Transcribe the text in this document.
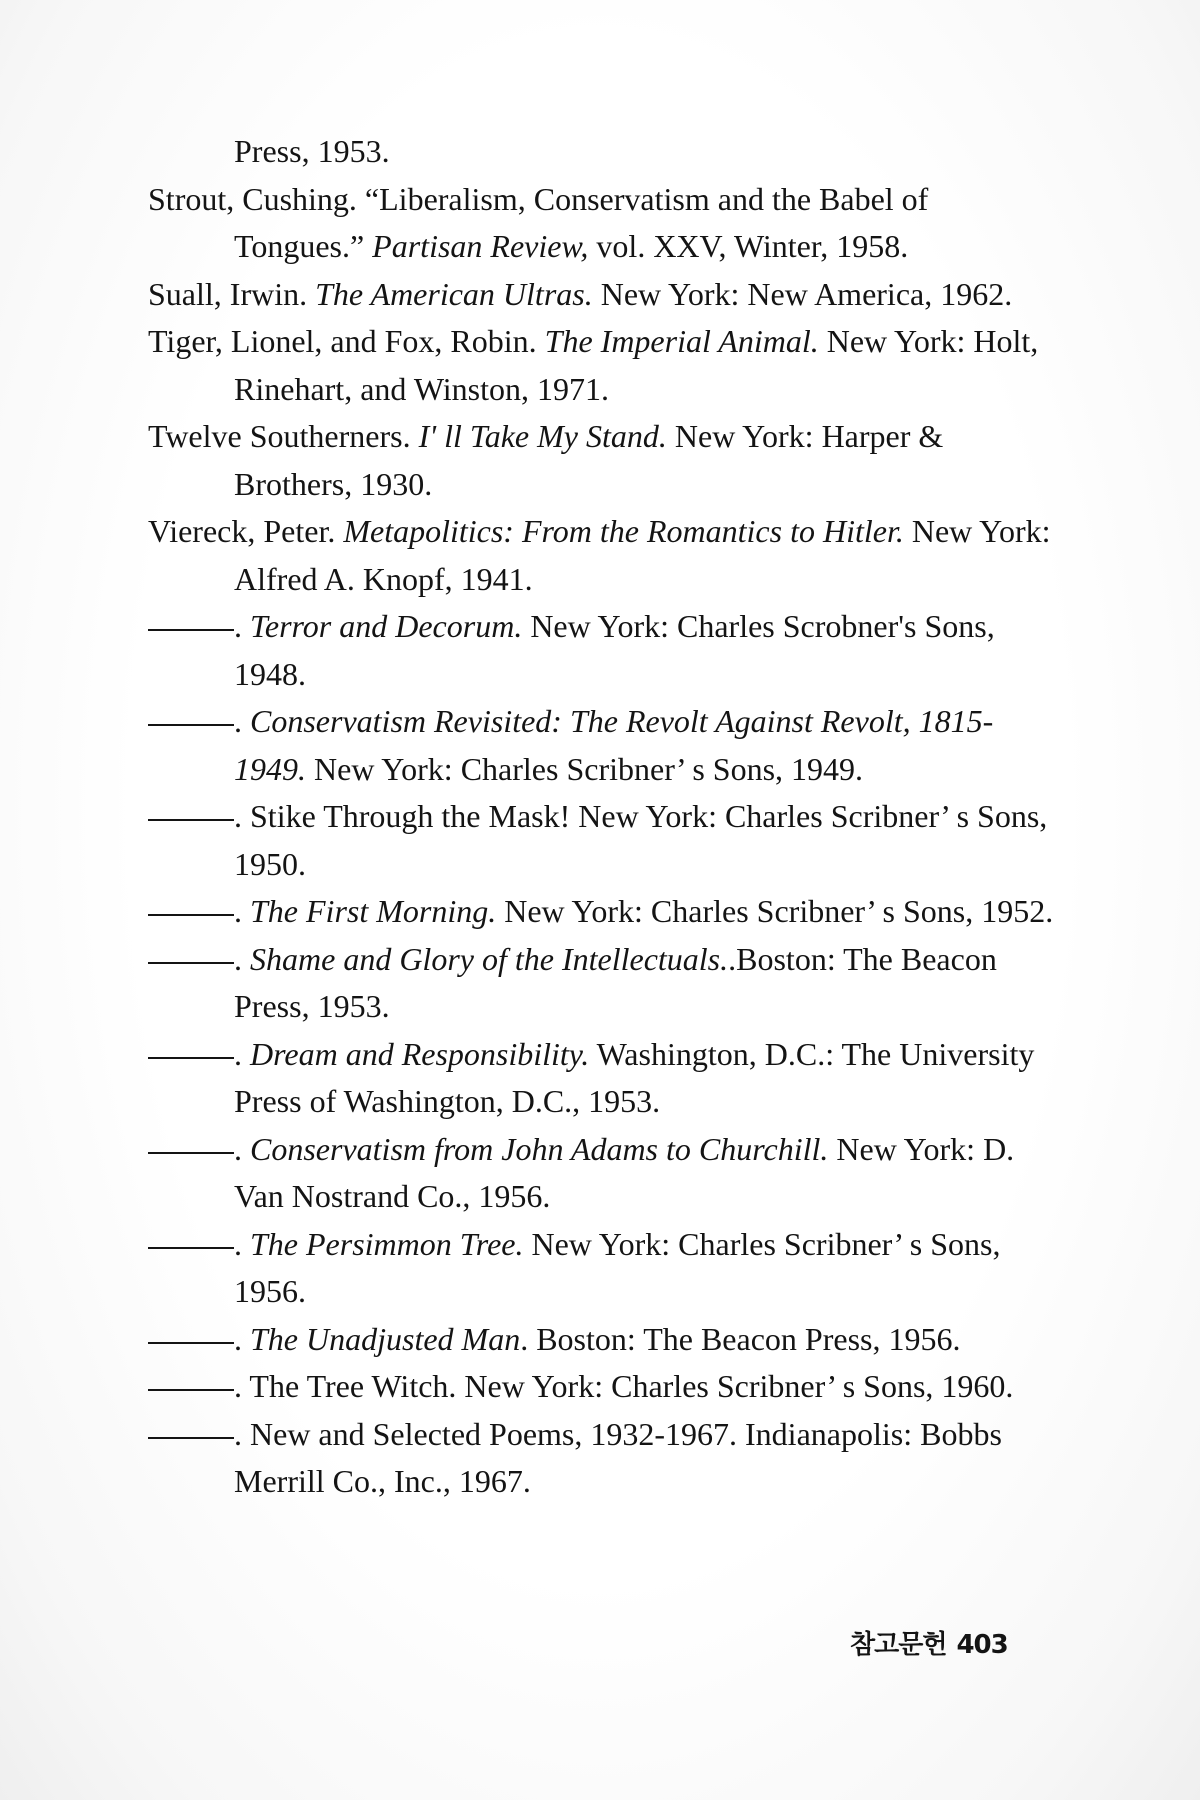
Press, 1953.

Strout, Cushing. “Liberalism, Conservatism and the Babel of Tongues.” Partisan Review, vol. XXV, Winter, 1958.

Suall, Irwin. The American Ultras. New York: New America, 1962.

Tiger, Lionel, and Fox, Robin. The Imperial Animal. New York: Holt, Rinehart, and Winston, 1971.

Twelve Southerners. I' ll Take My Stand. New York: Harper & Brothers, 1930.

Viereck, Peter. Metapolitics: From the Romantics to Hitler. New York: Alfred A. Knopf, 1941.

. Terror and Decorum. New York: Charles Scrobner's Sons, 1948.

. Conservatism Revisited: The Revolt Against Revolt, 1815-1949. New York: Charles Scribner’ s Sons, 1949.

. Stike Through the Mask! New York: Charles Scribner’ s Sons, 1950.

. The First Morning. New York: Charles Scribner’ s Sons, 1952.

. Shame and Glory of the Intellectuals..Boston: The Beacon Press, 1953.

. Dream and Responsibility. Washington, D.C.: The University Press of Washington, D.C., 1953.

. Conservatism from John Adams to Churchill. New York: D. Van Nostrand Co., 1956.

. The Persimmon Tree. New York: Charles Scribner’ s Sons, 1956.

. The Unadjusted Man. Boston: The Beacon Press, 1956.

. The Tree Witch. New York: Charles Scribner’ s Sons, 1960.

. New and Selected Poems, 1932-1967. Indianapolis: Bobbs Merrill Co., Inc., 1967.

참고문헌 403
